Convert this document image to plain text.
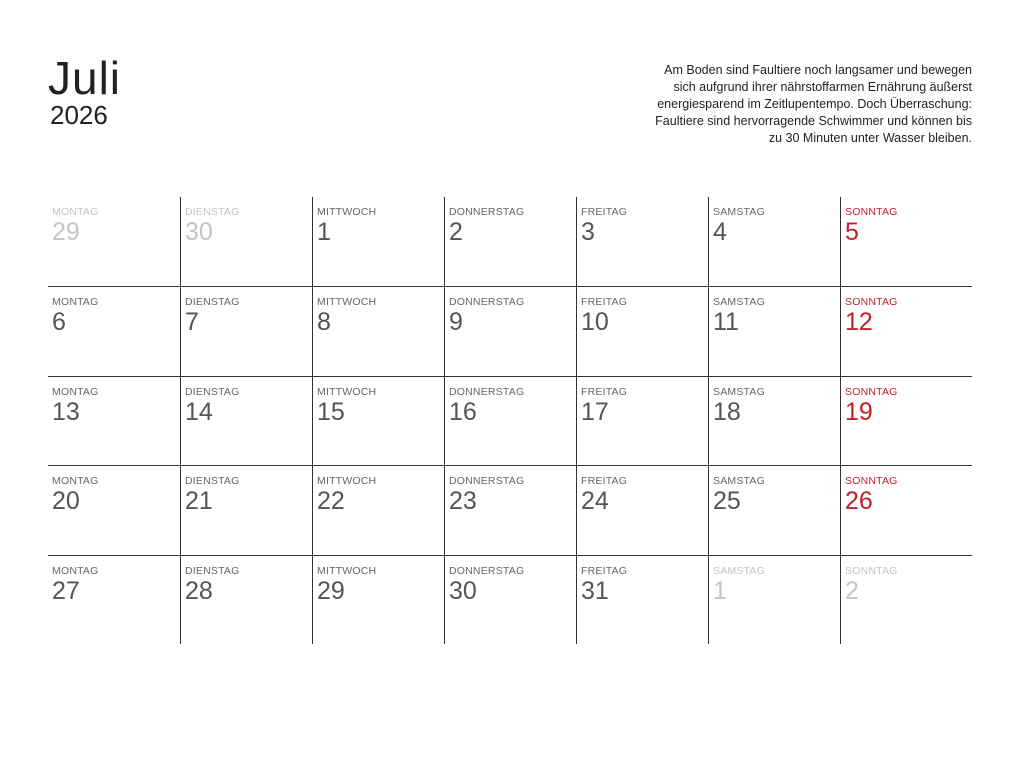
Juli
2026
Am Boden sind Faultiere noch langsamer und bewegen sich aufgrund ihrer nährstoffarmen Ernährung äußerst energiesparend im Zeitlupentempo. Doch Überraschung: Faultiere sind hervorragende Schwimmer und können bis zu 30 Minuten unter Wasser bleiben.
MONTAG
29
DIENSTAG
30
MITTWOCH
1
DONNERSTAG
2
FREITAG
3
SAMSTAG
4
SONNTAG
5
MONTAG
6
DIENSTAG
7
MITTWOCH
8
DONNERSTAG
9
FREITAG
10
SAMSTAG
11
SONNTAG
12
MONTAG
13
DIENSTAG
14
MITTWOCH
15
DONNERSTAG
16
FREITAG
17
SAMSTAG
18
SONNTAG
19
MONTAG
20
DIENSTAG
21
MITTWOCH
22
DONNERSTAG
23
FREITAG
24
SAMSTAG
25
SONNTAG
26
MONTAG
27
DIENSTAG
28
MITTWOCH
29
DONNERSTAG
30
FREITAG
31
SAMSTAG
1
SONNTAG
2
